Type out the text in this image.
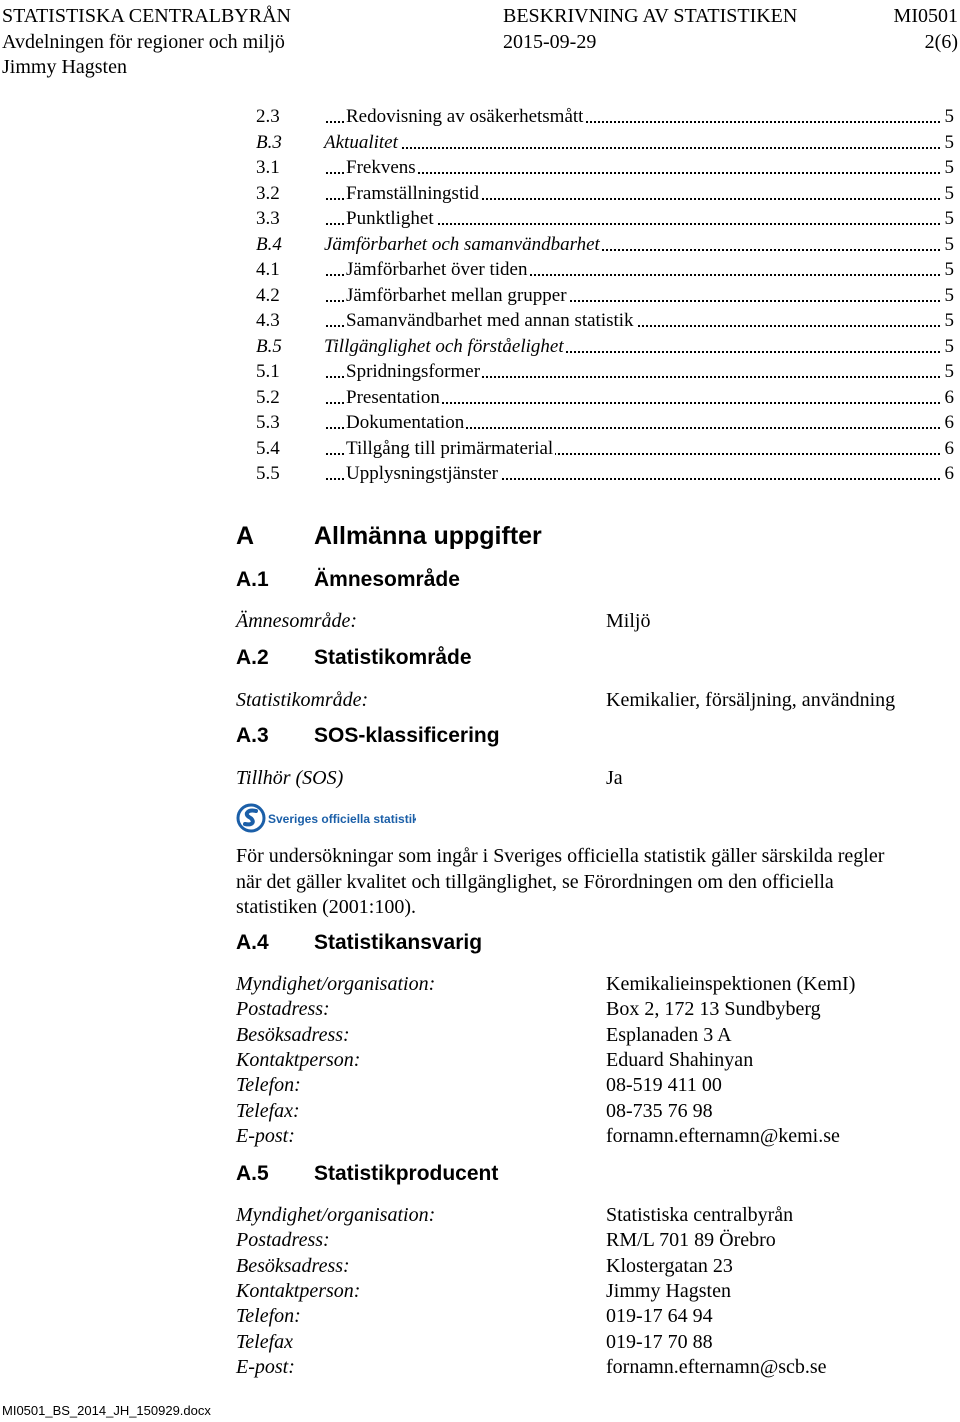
STATISTISKA CENTRALBYRÅN	BESKRIVNING AV STATISTIKEN	MI0501
Avdelningen för regioner och miljö	2015-09-29	2(6)
Jimmy Hagsten
2.3	Redovisning av osäkerhetsmått	5
B.3 Aktualitet	5
3.1	Frekvens	5
3.2	Framställningstid	5
3.3	Punktlighet	5
B.4 Jämförbarhet och samanvändbarhet	5
4.1	Jämförbarhet över tiden	5
4.2	Jämförbarhet mellan grupper	5
4.3	Samanvändbarhet med annan statistik	5
B.5 Tillgänglighet och förståelighet	5
5.1	Spridningsformer	5
5.2	Presentation	6
5.3	Dokumentation	6
5.4	Tillgång till primärmaterial	6
5.5	Upplysningstjänster	6
A Allmänna uppgifter
A.1 Ämnesområde
Ämnesområde:	Miljö
A.2 Statistikområde
Statistikområde:	Kemikalier, försäljning, användning
A.3 SOS-klassificering
Tillhör (SOS)	Ja
Sveriges officiella statistik
För undersökningar som ingår i Sveriges officiella statistik gäller särskilda regler
när det gäller kvalitet och tillgänglighet, se Förordningen om den officiella
statistiken (2001:100).
A.4 Statistikansvarig
Myndighet/organisation:	Kemikalieinspektionen (KemI)
Postadress:	Box 2, 172 13 Sundbyberg
Besöksadress:	Esplanaden 3 A
Kontaktperson:	Eduard Shahinyan
Telefon:	08-519 411 00
Telefax:	08-735 76 98
E-post:	fornamn.efternamn@kemi.se
A.5 Statistikproducent
Myndighet/organisation:	Statistiska centralbyrån
Postadress:	RM/L 701 89 Örebro
Besöksadress:	Klostergatan 23
Kontaktperson:	Jimmy Hagsten
Telefon:	019-17 64 94
Telefax	019-17 70 88
E-post:	fornamn.efternamn@scb.se
MI0501_BS_2014_JH_150929.docx
